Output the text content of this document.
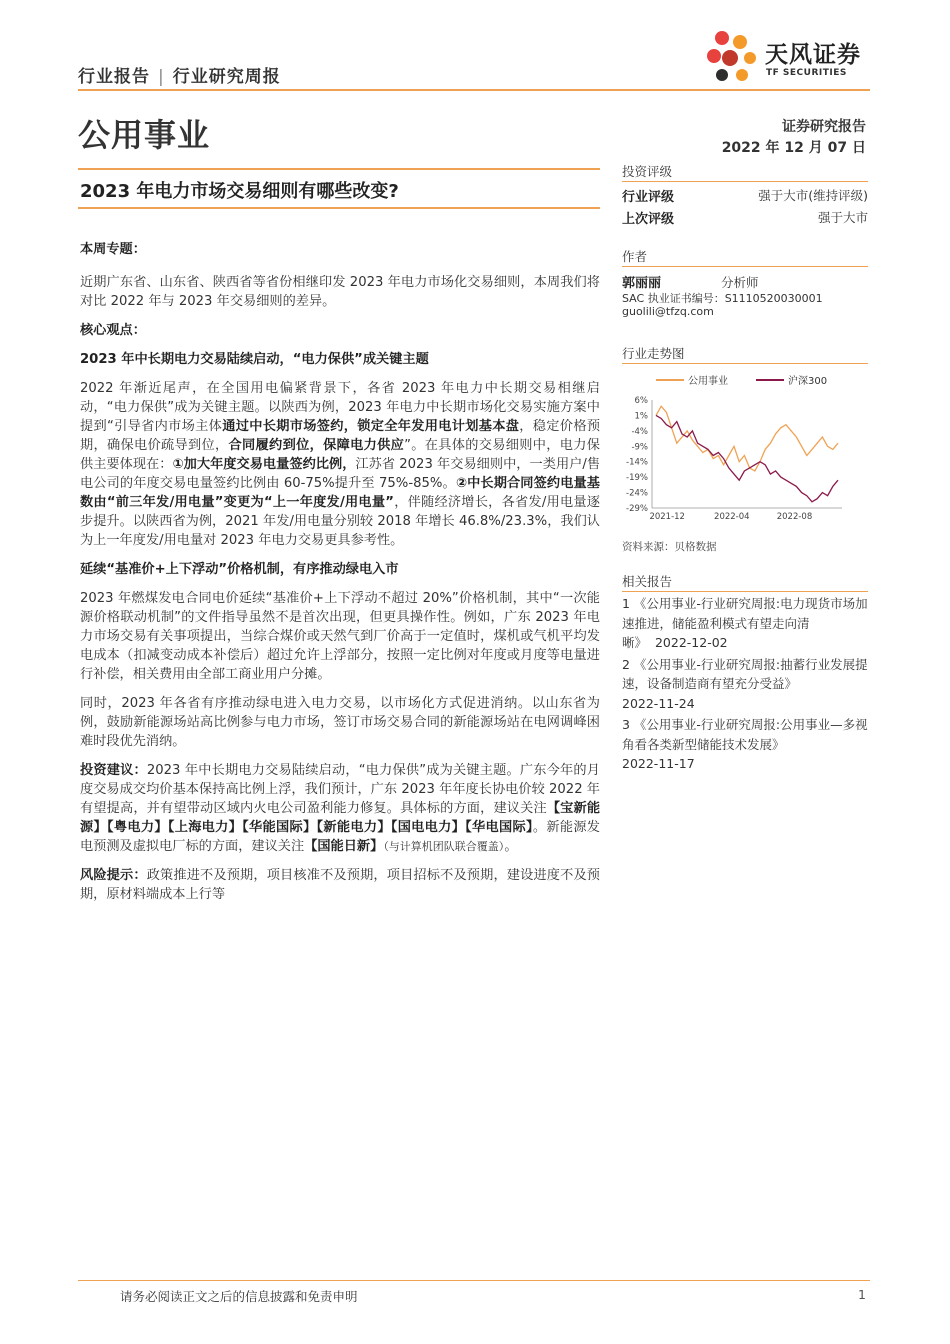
行业报告 | 行业研究周报
天风证券
TF SECURITIES
公用事业	证券研究报告
2022 年 12 月 07 日
2023 年电力市场交易细则有哪些改变?

本周专题：

近期广东省、山东省、陕西省等省份相继印发 2023 年电力市场化交易细则，本周我们将对比 2022 年与 2023 年交易细则的差异。

核心观点：

2023 年中长期电力交易陆续启动，“电力保供”成关键主题

2022 年渐近尾声，在全国用电偏紧背景下，各省 2023 年电力中长期交易相继启动，“电力保供”成为关键主题。以陕西为例，2023 年电力中长期市场化交易实施方案中提到“引导省内市场主体通过中长期市场签约，锁定全年发用电计划基本盘，稳定价格预期，确保电价疏导到位，合同履约到位，保障电力供应”。在具体的交易细则中，电力保供主要体现在：①加大年度交易电量签约比例，江苏省 2023 年交易细则中，一类用户/售电公司的年度交易电量签约比例由 60-75%提升至 75%-85%。②中长期合同签约电量基数由“前三年发/用电量”变更为“上一年度发/用电量”，伴随经济增长，各省发/用电量逐步提升。以陕西省为例，2021 年发/用电量分别较 2018 年增长 46.8%/23.3%，我们认为上一年度发/用电量对 2023 年电力交易更具参考性。

延续“基准价+上下浮动”价格机制，有序推动绿电入市

2023 年燃煤发电合同电价延续“基准价+上下浮动不超过 20%”价格机制，其中“一次能源价格联动机制”的文件指导虽然不是首次出现，但更具操作性。例如，广东 2023 年电力市场交易有关事项提出，当综合煤价或天然气到厂价高于一定值时，煤机或气机平均发电成本（扣减变动成本补偿后）超过允许上浮部分，按照一定比例对年度或月度等电量进行补偿，相关费用由全部工商业用户分摊。

同时，2023 年各省有序推动绿电进入电力交易，以市场化方式促进消纳。以山东省为例，鼓励新能源场站高比例参与电力市场，签订市场交易合同的新能源场站在电网调峰困难时段优先消纳。

投资建议：2023 年中长期电力交易陆续启动，“电力保供”成为关键主题。广东今年的月度交易成交均价基本保持高比例上浮，我们预计，广东 2023 年年度长协电价较 2022 年有望提高，并有望带动区域内火电公司盈利能力修复。具体标的方面，建议关注【宝新能源】【粤电力】【上海电力】【华能国际】【新能电力】【国电电力】【华电国际】。新能源发电预测及虚拟电厂标的方面，建议关注【国能日新】（与计算机团队联合覆盖）。

风险提示：政策推进不及预期，项目核准不及预期，项目招标不及预期，建设进度不及预期，原材料端成本上行等

投资评级
行业评级	强于大市(维持评级)
上次评级	强于大市
作者
郭丽丽	分析师
SAC 执业证书编号：S1110520030001
guolili@tfzq.com
行业走势图
公用事业	沪深300
6%
1%
-4%
-9%
-14%
-19%
-24%
-29%
2021-12	2022-04	2022-08
资料来源：贝格数据
相关报告
1 《公用事业-行业研究周报:电力现货市场加速推进，储能盈利模式有望走向清晰》 2022-12-02
2 《公用事业-行业研究周报:抽蓄行业发展提速，设备制造商有望充分受益》
2022-11-24
3 《公用事业-行业研究周报:公用事业—多视角看各类新型储能技术发展》
2022-11-17
请务必阅读正文之后的信息披露和免责申明	1
